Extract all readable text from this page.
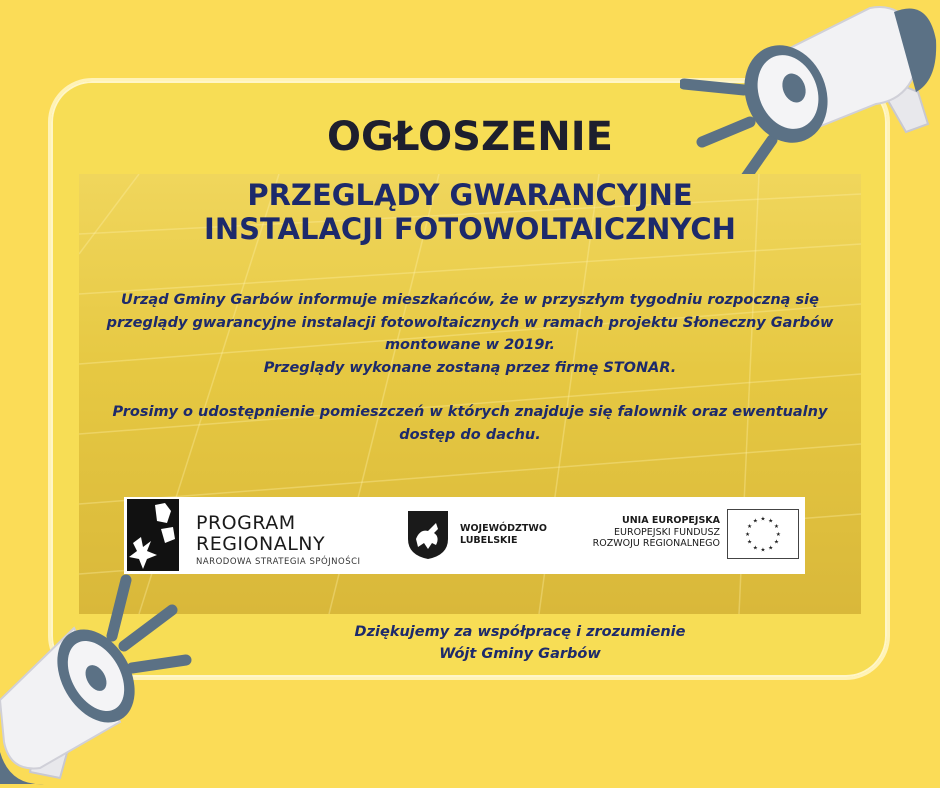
OGŁOSZENIE
PRZEGLĄDY GWARANCYJNE
INSTALACJI FOTOWOLTAICZNYCH
Urząd Gminy Garbów informuje mieszkańców, że w przyszłym tygodniu rozpoczną się
przeglądy gwarancyjne instalacji fotowoltaicznych w ramach projektu Słoneczny Garbów
montowane w 2019r.
Przeglądy wykonane zostaną przez firmę STONAR.
Prosimy o udostępnienie pomieszczeń w których znajduje się falownik oraz ewentualny
dostęp do dachu.
PROGRAM
REGIONALNY
NARODOWA STRATEGIA SPÓJNOŚCI
WOJEWÓDZTWO
LUBELSKIE
UNIA EUROPEJSKA
EUROPEJSKI FUNDUSZ
ROZWOJU REGIONALNEGO
★ ★
★
★
★
★
★
★
★
★
★
★
Dziękujemy za współpracę i zrozumienie
Wójt Gminy Garbów
